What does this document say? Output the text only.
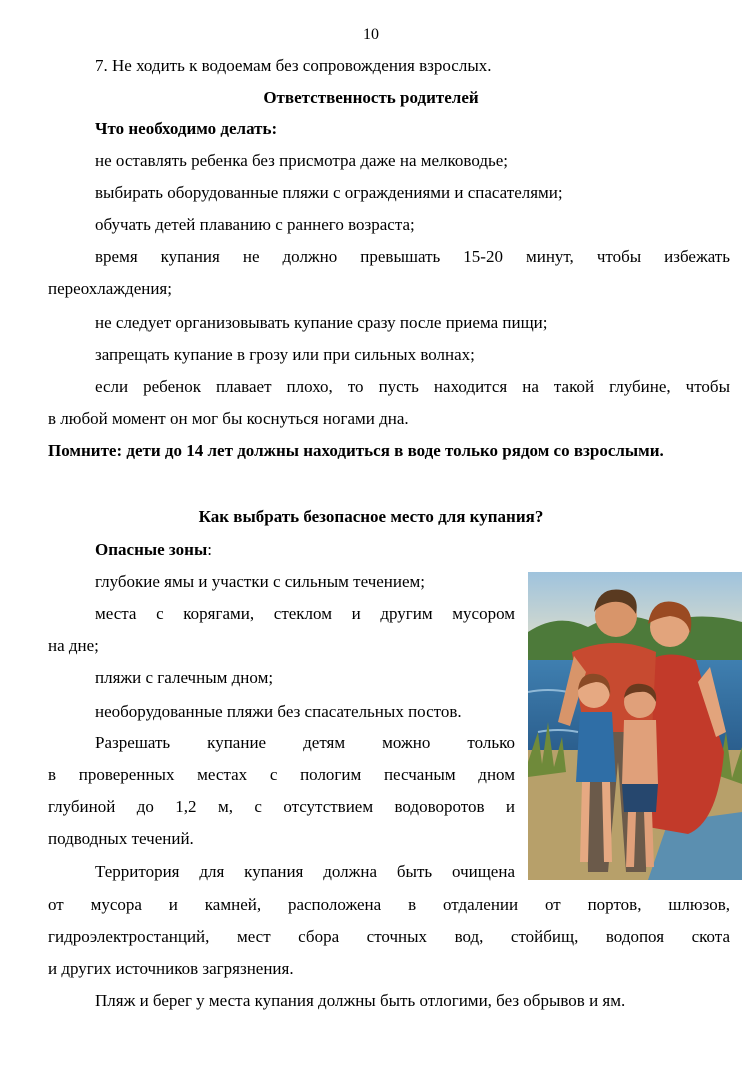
10
7. Не ходить к водоемам без сопровождения взрослых.
Ответственность родителей
Что необходимо делать:
не оставлять ребенка без присмотра даже на мелководье;
выбирать оборудованные пляжи с ограждениями и спасателями;
обучать детей плаванию с раннего возраста;
время купания не должно превышать 15-20 минут, чтобы избежать
переохлаждения;
не следует организовывать купание сразу после приема пищи;
запрещать купание в грозу или при сильных волнах;
если ребенок плавает плохо, то пусть находится на такой глубине, чтобы
в любой момент он мог бы коснуться ногами дна.
Помните: дети до 14 лет должны находиться в воде только рядом со взрослыми.
Как выбрать безопасное место для купания?
Опасные зоны:
глубокие ямы и участки с сильным течением;
места с корягами, стеклом и другим мусором
на дне;
пляжи с галечным дном;
необорудованные пляжи без спасательных постов.
Разрешать купание детям можно только
в проверенных местах с пологим песчаным дном
глубиной до 1,2 м, с отсутствием водоворотов и
подводных течений.
Территория для купания должна быть очищена
от мусора и камней, расположена в отдалении от портов, шлюзов,
гидроэлектростанций, мест сбора сточных вод, стойбищ, водопоя скота
и других источников загрязнения.
Пляж и берег у места купания должны быть отлогими, без обрывов и ям.
